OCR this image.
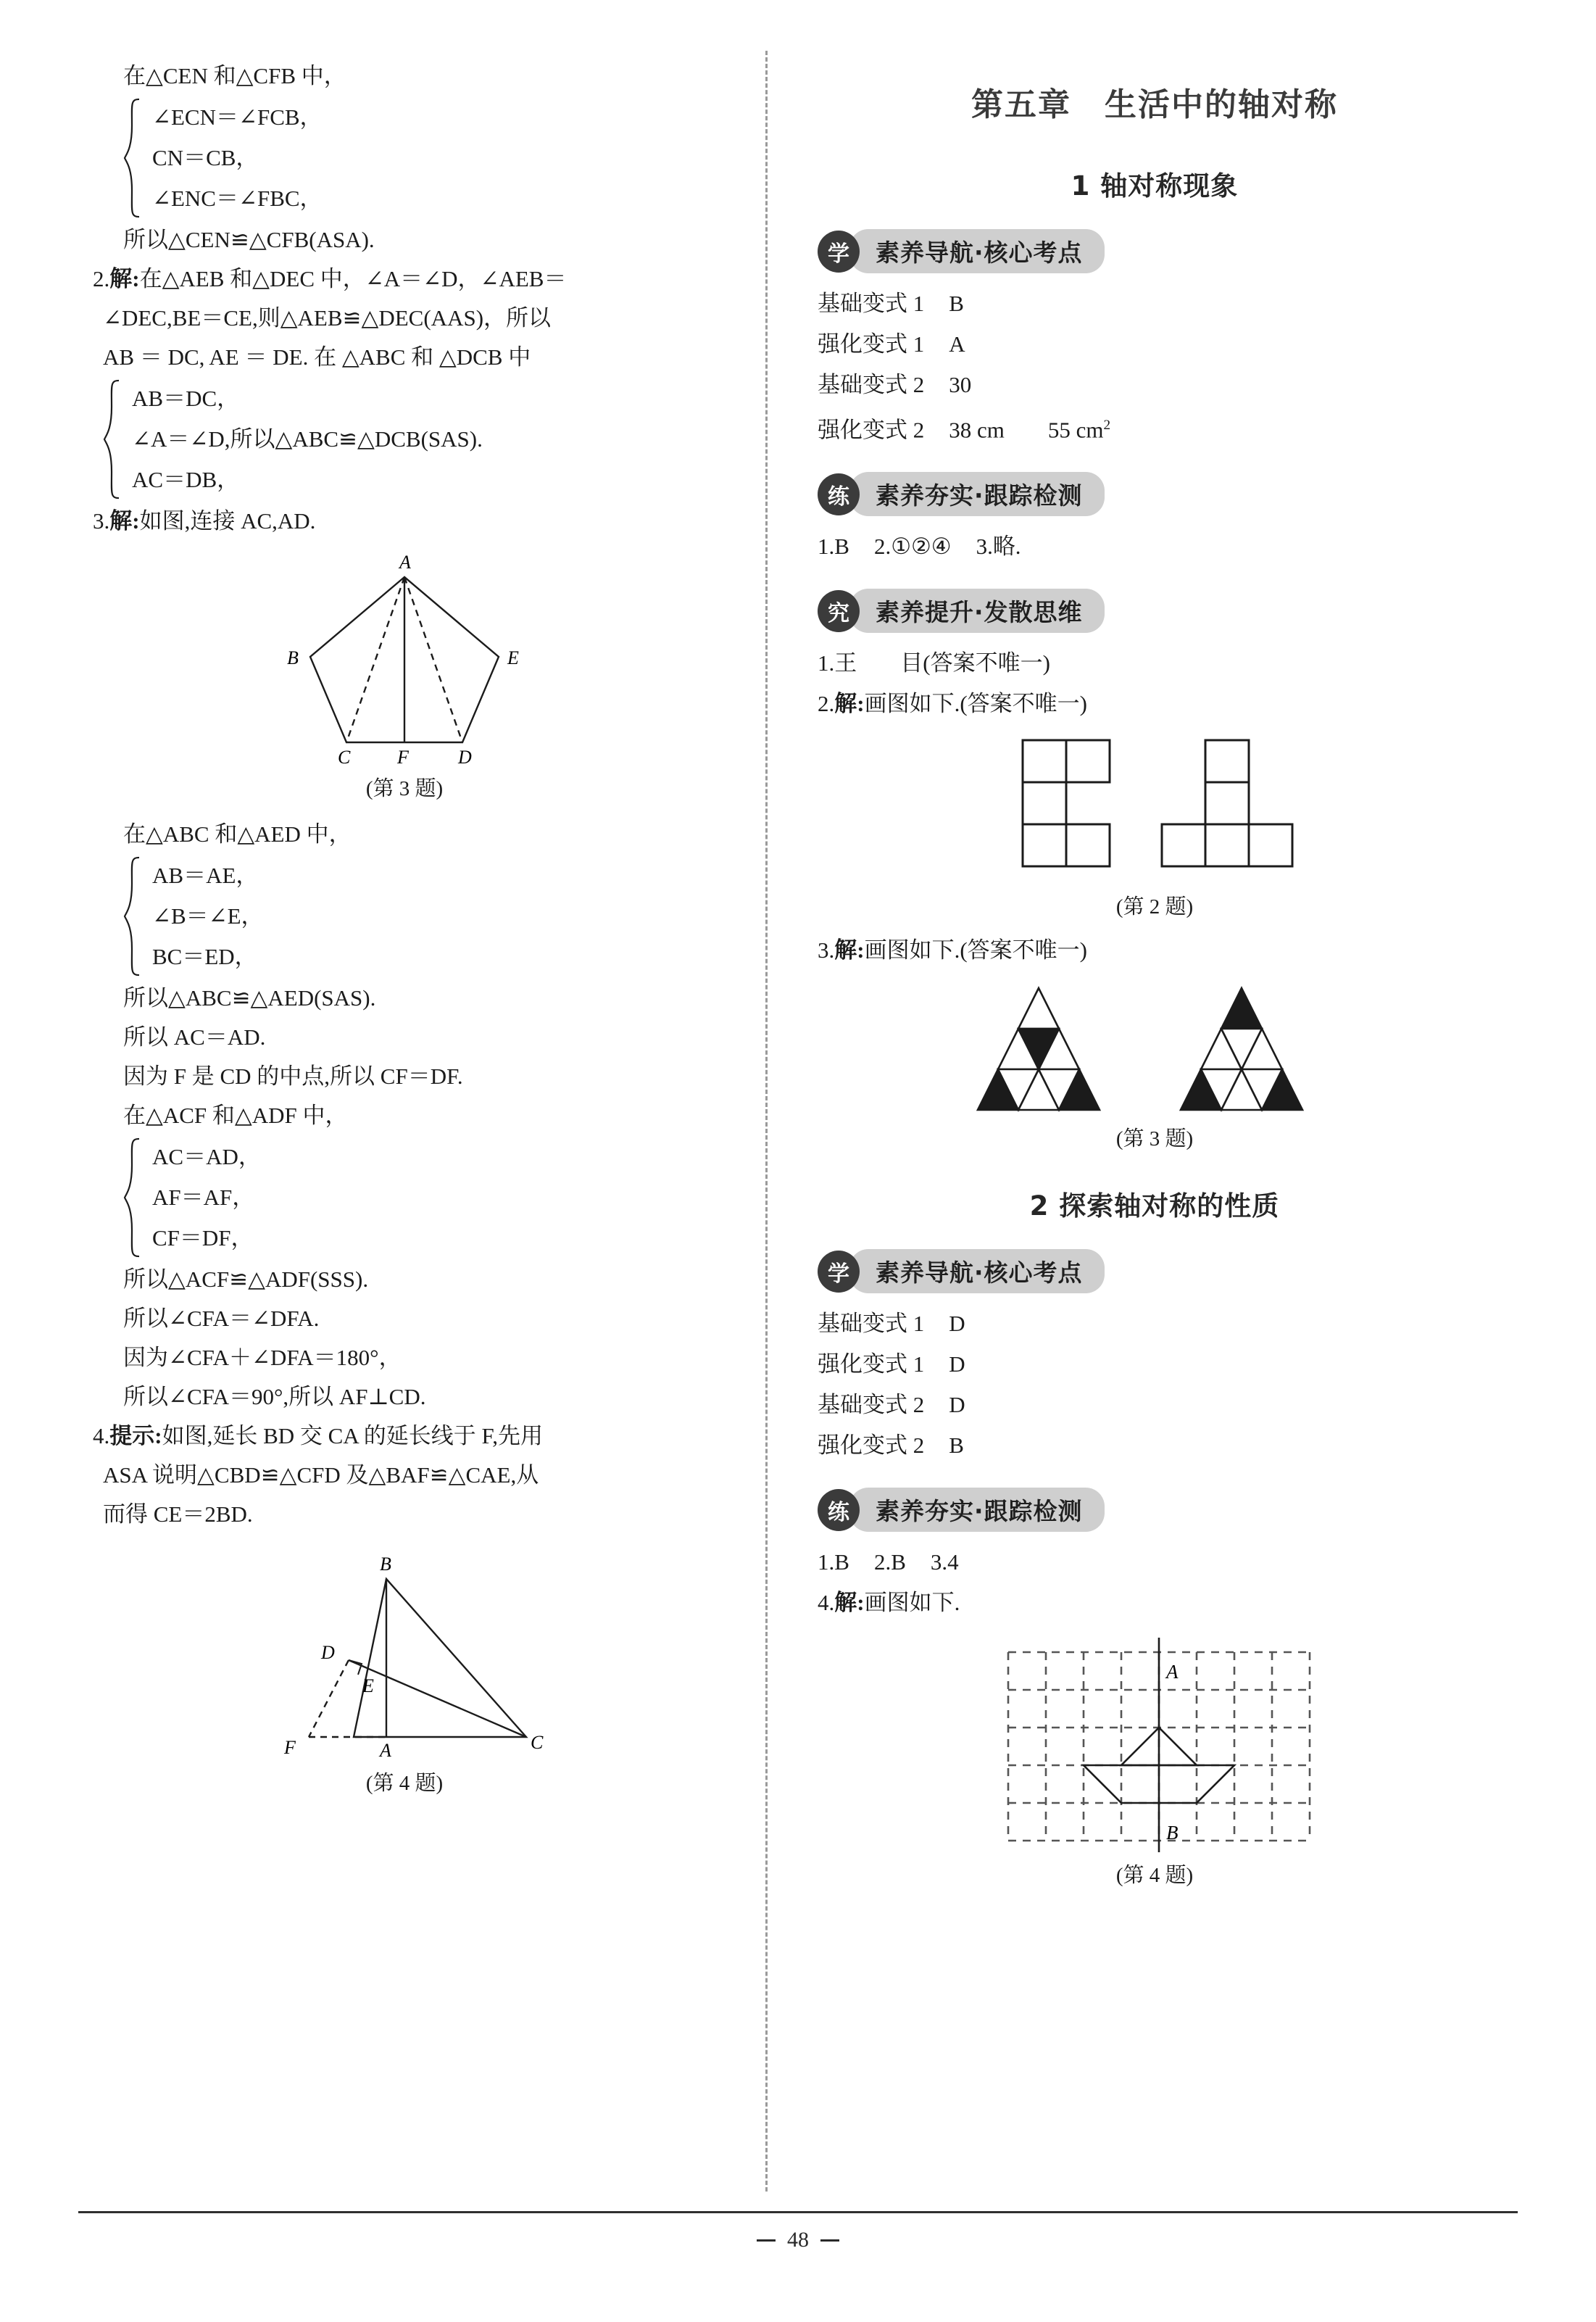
在△CEN 和△CFB 中，
∠ECN＝∠FCB，
CN＝CB，
∠ENC＝∠FBC，
所以△CEN≌△CFB(ASA).
2.解:在△AEB 和△DEC 中，∠A＝∠D，∠AEB＝
∠DEC,BE＝CE,则△AEB≌△DEC(AAS)，所以
AB ＝ DC, AE ＝ DE. 在 △ABC 和 △DCB 中
AB＝DC，
∠A＝∠D,所以△ABC≌△DCB(SAS).
AC＝DB，
3.解:如图,连接 AC,AD.
A
B	E
C F	D
(第 3 题)
在△ABC 和△AED 中，
AB＝AE，
∠B＝∠E，
BC＝ED，
所以△ABC≌△AED(SAS).
所以 AC＝AD.
因为 F 是 CD 的中点,所以 CF＝DF.
在△ACF 和△ADF 中，
AC＝AD，
AF＝AF，
CF＝DF，
所以△ACF≌△ADF(SSS).
所以∠CFA＝∠DFA.
因为∠CFA＋∠DFA＝180°，
所以∠CFA＝90°,所以 AF⊥CD.
4.提示:如图,延长 BD 交 CA 的延长线于 F,先用
ASA 说明△CBD≌△CFD 及△BAF≌△CAE,从
而得 CE＝2BD.
B
D
E
F	A	C
(第 4 题)
第五章　生活中的轴对称
1 轴对称现象
学	素养导航·核心考点
基础变式 1 B
强化变式 1 A
基础变式 2 30
强化变式 2 38 cm 55 $cm^2$
练	素养夯实·跟踪检测
1.B 2.①②④ 3.略.
究	素养提升·发散思维
1.王 目(答案不唯一)
2.解:画图如下.(答案不唯一)
(第 2 题)
3.解:画图如下.(答案不唯一)
(第 3 题)
2 探索轴对称的性质
学	素养导航·核心考点
基础变式 1 D
强化变式 1 D
基础变式 2 D
强化变式 2 B
练	素养夯实·跟踪检测
1.B 2.B 3.4
4.解:画图如下.
A
B
(第 4 题)
48
